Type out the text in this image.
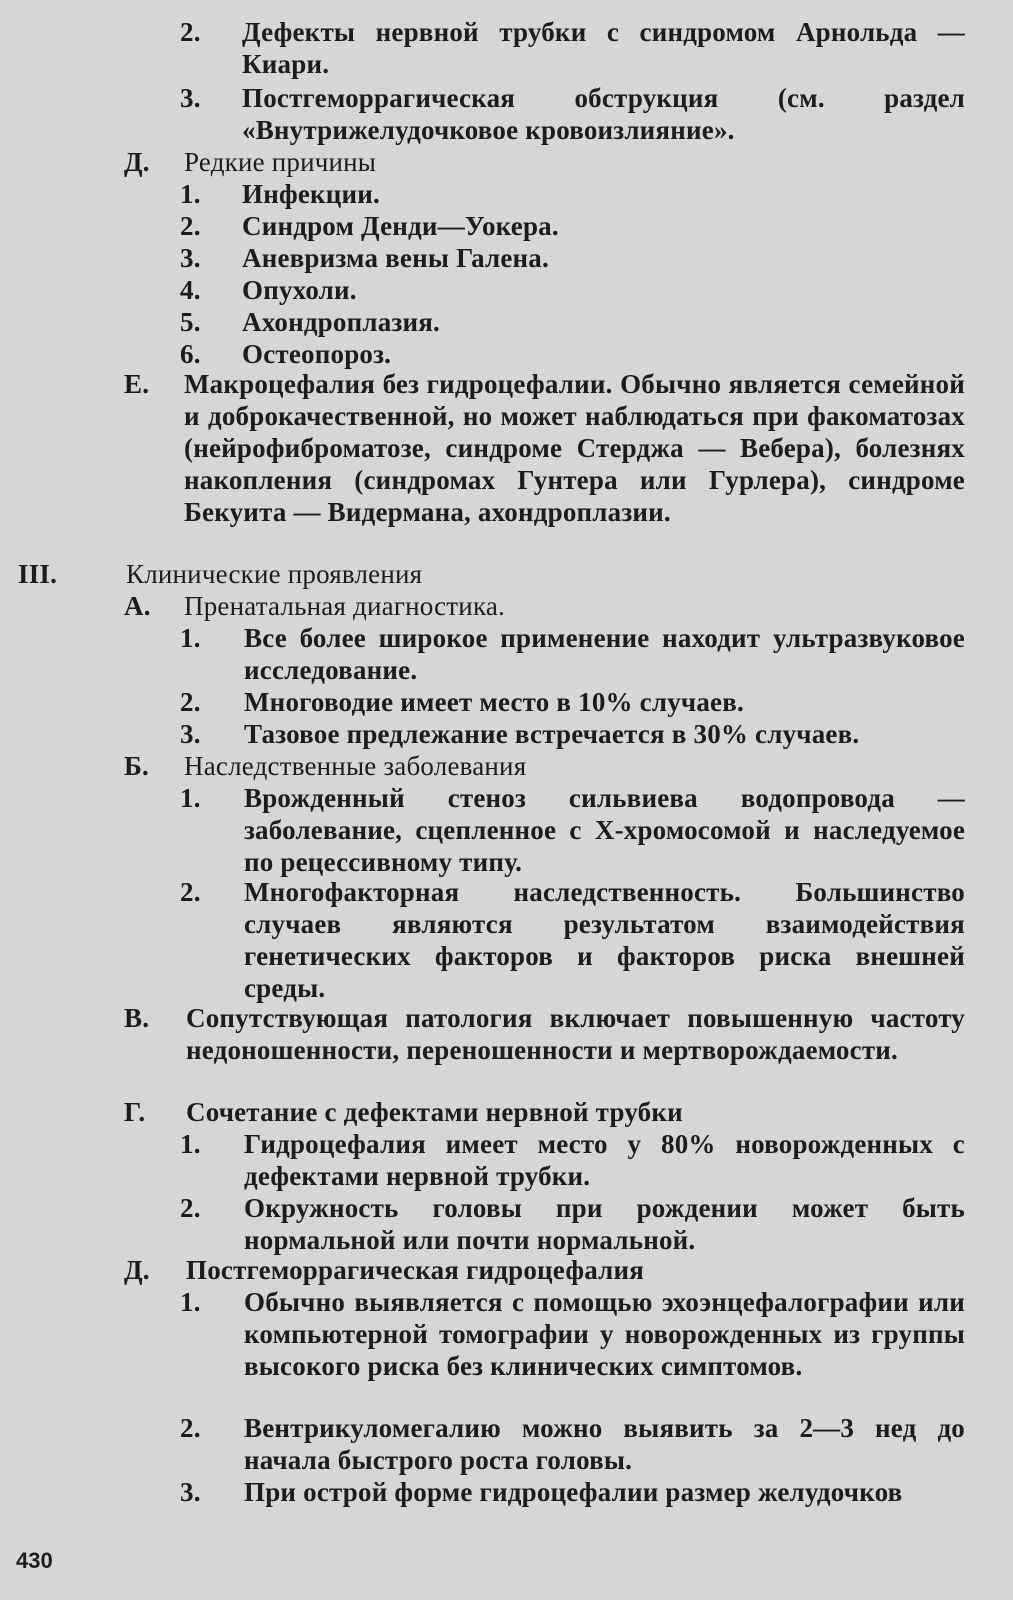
2.	Дефекты нервной трубки с синдромом Арнольда — Киари.
3.	Постгеморрагическая обструкция (см. раздел «Внутрижелудочковое кровоизлияние».
Д.	Редкие причины
1.	Инфекции.
2.	Синдром Денди—Уокера.
3.	Аневризма вены Галена.
4.	Опухоли.
5.	Ахондроплазия.
6.	Остеопороз.
Е.	Макроцефалия без гидроцефалии. Обычно является семейной и доброкачественной, но может наблюдаться при факоматозах (нейрофиброматозе, синдроме Стерджа — Вебера), болезнях накопления (синдромах Гунтера или Гурлера), синдроме Бекуита — Видермана, ахондроплазии.
III.	Клинические проявления
А.	Пренатальная диагностика.
1.	Все более широкое применение находит ультразвуковое исследование.
2.	Многоводие имеет место в 10% случаев.
3.	Тазовое предлежание встречается в 30% случаев.
Б.	Наследственные заболевания
1.	Врожденный стеноз сильвиева водопровода — заболевание, сцепленное с X-хромосомой и наследуемое по рецессивному типу.
2.	Многофакторная наследственность. Большинство случаев являются результатом взаимодействия генетических факторов и факторов риска внешней среды.
В.	Сопутствующая патология включает повышенную частоту недоношенности, переношенности и мертворождаемости.
Г.	Сочетание с дефектами нервной трубки
1.	Гидроцефалия имеет место у 80% новорожденных с дефектами нервной трубки.
2.	Окружность головы при рождении может быть нормальной или почти нормальной.
Д.	Постгеморрагическая гидроцефалия
1.	Обычно выявляется с помощью эхоэнцефалографии или компьютерной томографии у новорожденных из группы высокого риска без клинических симптомов.
2.	Вентрикуломегалию можно выявить за 2—3 нед до начала быстрого роста головы.
3.	При острой форме гидроцефалии размер желудочков
430
